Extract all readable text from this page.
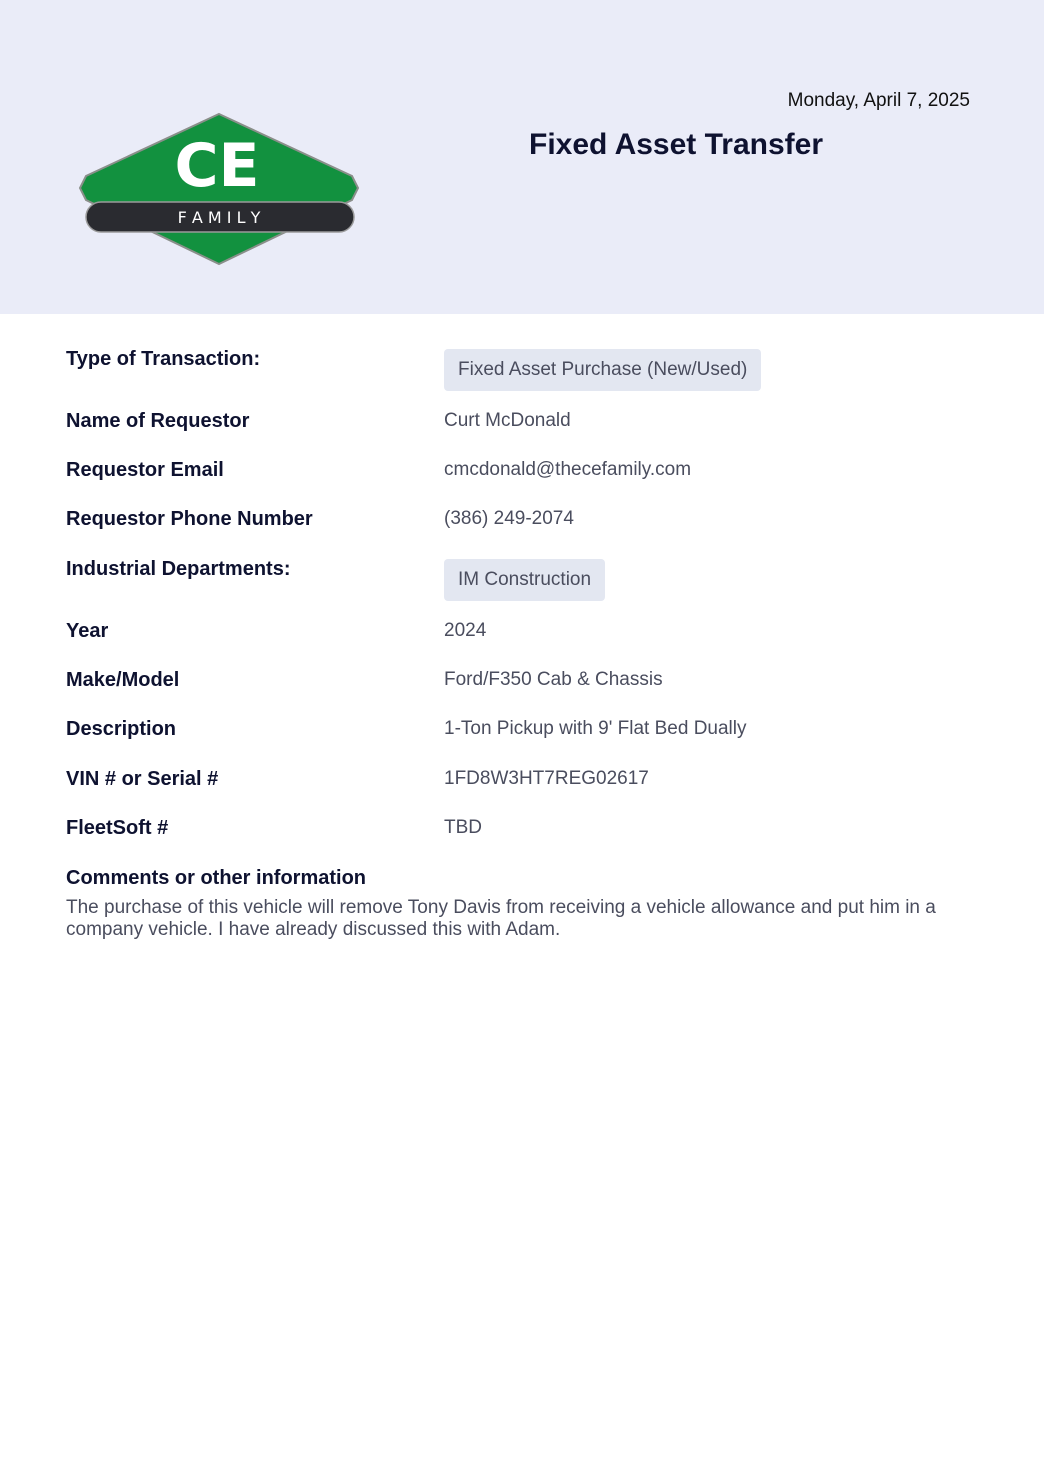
CE
F A M I L Y
Monday, April 7, 2025
Fixed Asset Transfer
Type of Transaction:	Fixed Asset Purchase (New/Used)
Name of Requestor	Curt McDonald
Requestor Email	cmcdonald@thecefamily.com
Requestor Phone Number	(386) 249-2074
Industrial Departments:	IM Construction
Year	2024
Make/Model	Ford/F350 Cab & Chassis
Description	1-Ton Pickup with 9' Flat Bed Dually
VIN # or Serial #	1FD8W3HT7REG02617
FleetSoft #	TBD
Comments or other information
The purchase of this vehicle will remove Tony Davis from receiving a vehicle allowance and put him in a company vehicle. I have already discussed this with Adam.
